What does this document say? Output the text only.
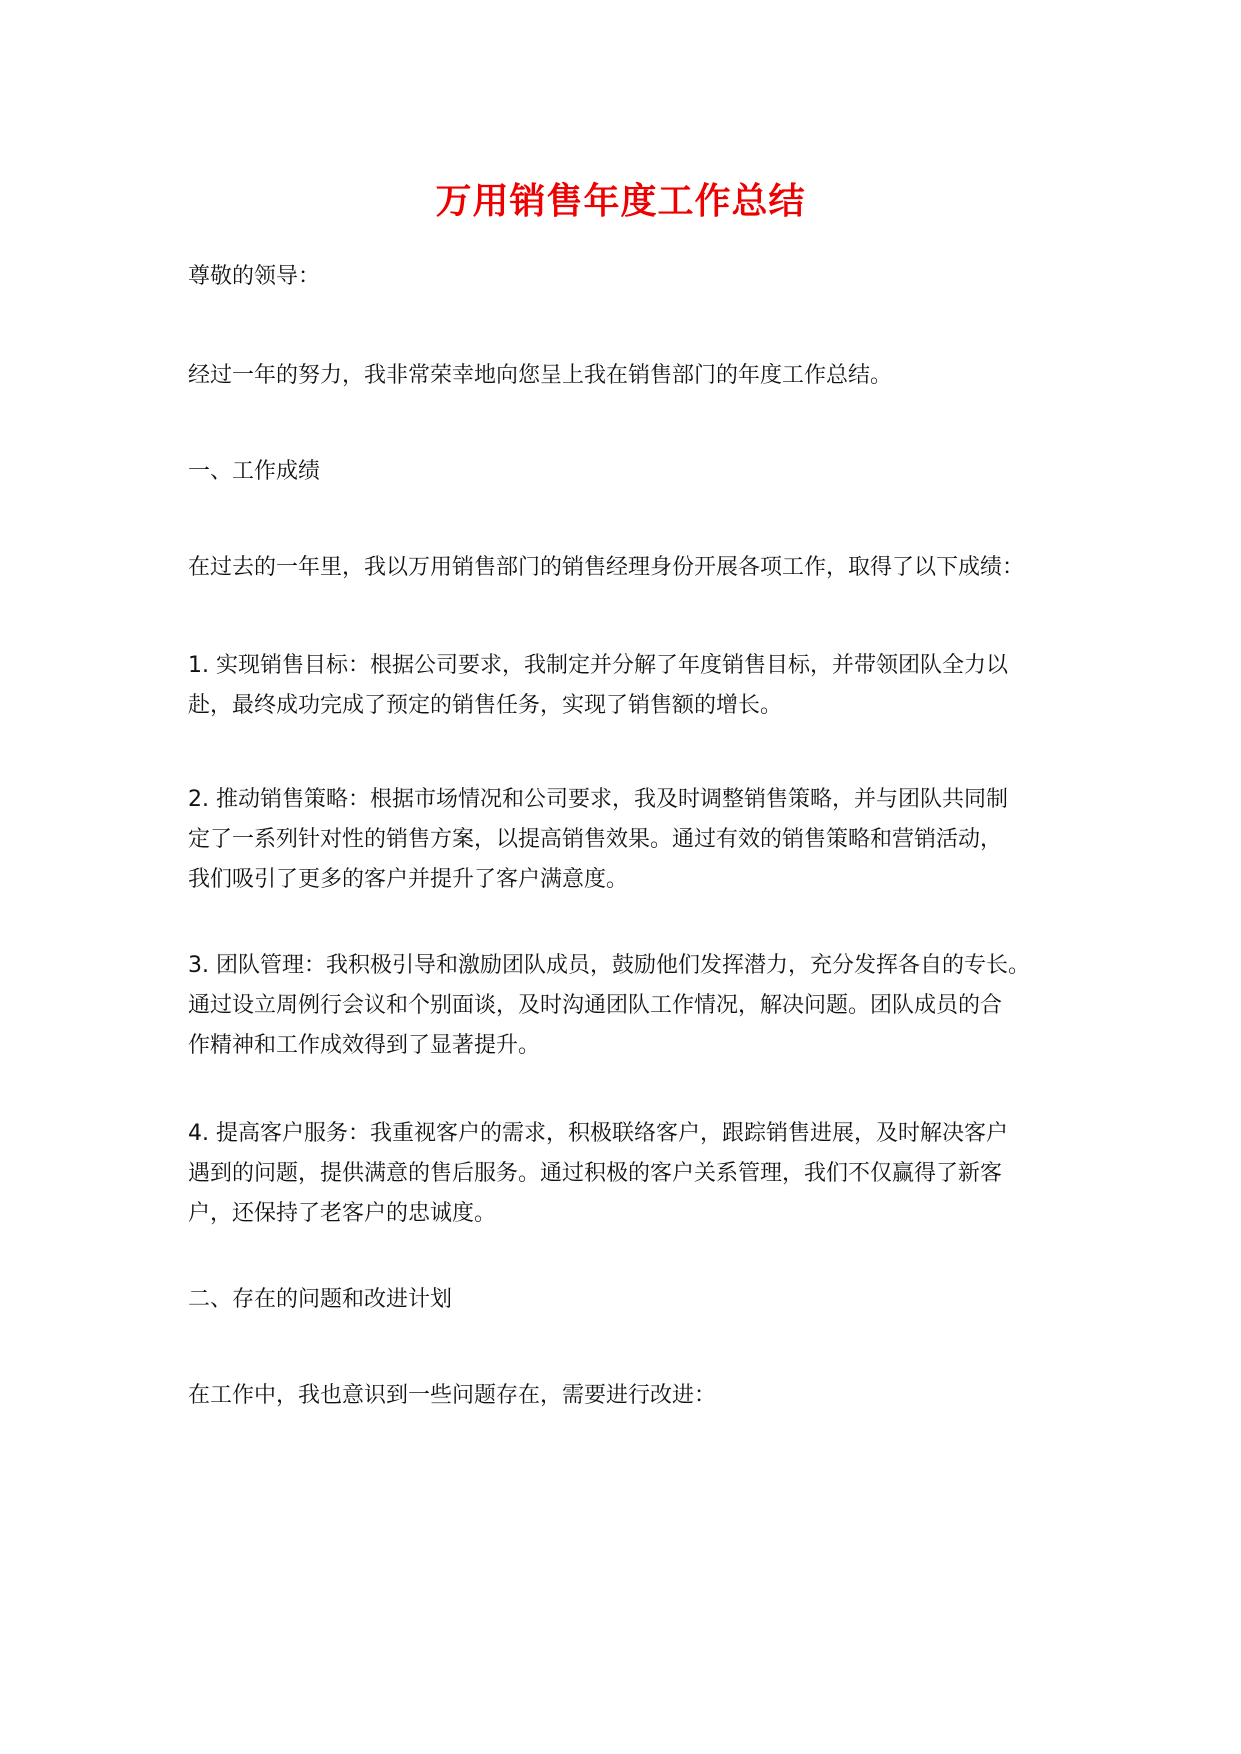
万用销售年度工作总结

尊敬的领导：

经过一年的努力，我非常荣幸地向您呈上我在销售部门的年度工作总结。

一、工作成绩

在过去的一年里，我以万用销售部门的销售经理身份开展各项工作，取得了以下成绩：

1. 实现销售目标：根据公司要求，我制定并分解了年度销售目标，并带领团队全力以
赴，最终成功完成了预定的销售任务，实现了销售额的增长。

2. 推动销售策略：根据市场情况和公司要求，我及时调整销售策略，并与团队共同制
定了一系列针对性的销售方案，以提高销售效果。通过有效的销售策略和营销活动，
我们吸引了更多的客户并提升了客户满意度。

3. 团队管理：我积极引导和激励团队成员，鼓励他们发挥潜力，充分发挥各自的专长。
通过设立周例行会议和个别面谈，及时沟通团队工作情况，解决问题。团队成员的合
作精神和工作成效得到了显著提升。

4. 提高客户服务：我重视客户的需求，积极联络客户，跟踪销售进展，及时解决客户
遇到的问题，提供满意的售后服务。通过积极的客户关系管理，我们不仅赢得了新客
户，还保持了老客户的忠诚度。

二、存在的问题和改进计划

在工作中，我也意识到一些问题存在，需要进行改进：
